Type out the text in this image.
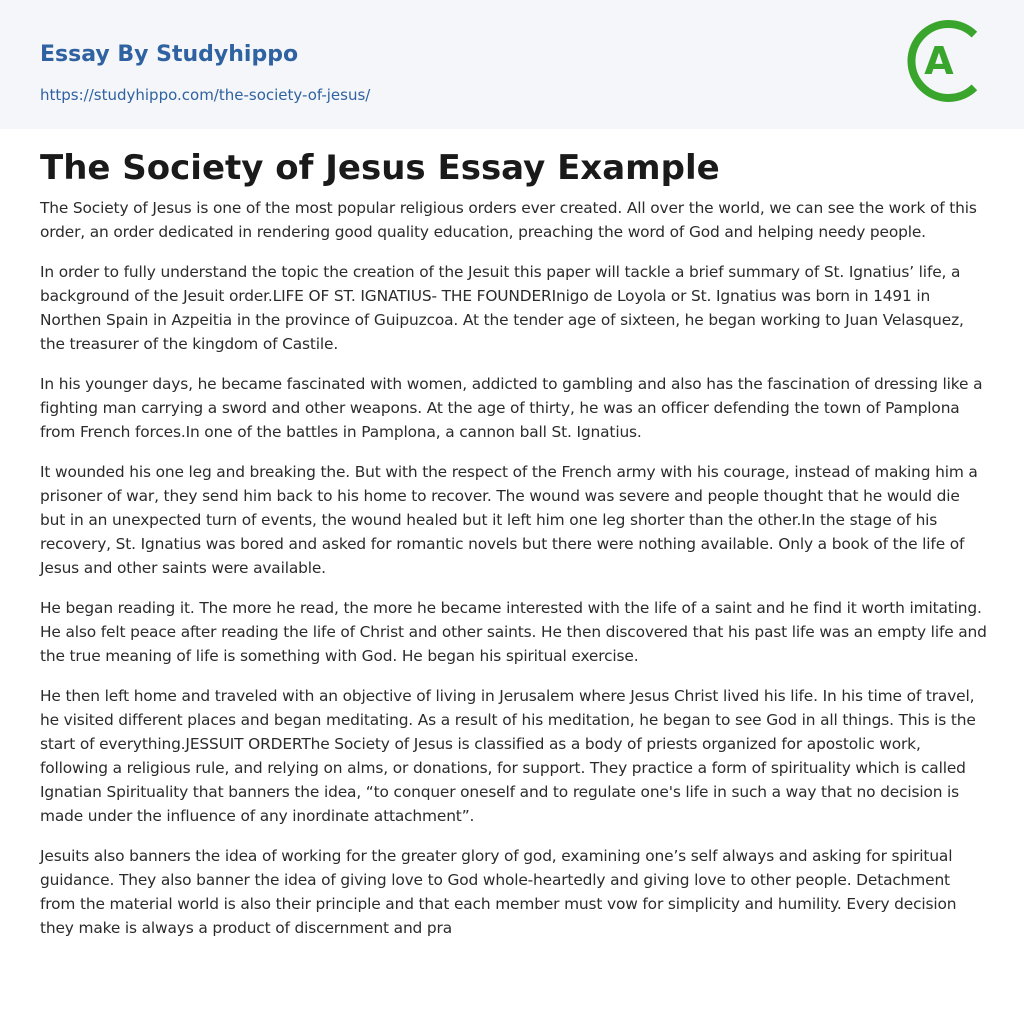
Essay By Studyhippo
https://studyhippo.com/the-society-of-jesus/
A
The Society of Jesus Essay Example

The Society of Jesus is one of the most popular religious orders ever created. All over the world, we can see the work of this order, an order dedicated in rendering good quality education, preaching the word of God and helping needy people.

In order to fully understand the topic the creation of the Jesuit this paper will tackle a brief summary of St. Ignatius’ life, a background of the Jesuit order.LIFE OF ST. IGNATIUS- THE FOUNDERInigo de Loyola or St. Ignatius was born in 1491 in Northen Spain in Azpeitia in the province of Guipuzcoa. At the tender age of sixteen, he began working to Juan Velasquez, the treasurer of the kingdom of Castile.

In his younger days, he became fascinated with women, addicted to gambling and also has the fascination of dressing like a fighting man carrying a sword and other weapons. At the age of thirty, he was an officer defending the town of Pamplona from French forces.In one of the battles in Pamplona, a cannon ball St. Ignatius.

It wounded his one leg and breaking the. But with the respect of the French army with his courage, instead of making him a prisoner of war, they send him back to his home to recover. The wound was severe and people thought that he would die but in an unexpected turn of events, the wound healed but it left him one leg shorter than the other.In the stage of his recovery, St. Ignatius was bored and asked for romantic novels but there were nothing available. Only a book of the life of Jesus and other saints were available.

He began reading it. The more he read, the more he became interested with the life of a saint and he find it worth imitating. He also felt peace after reading the life of Christ and other saints. He then discovered that his past life was an empty life and the true meaning of life is something with God. He began his spiritual exercise.

He then left home and traveled with an objective of living in Jerusalem where Jesus Christ lived his life. In his time of travel, he visited different places and began meditating. As a result of his meditation, he began to see God in all things. This is the start of everything.JESSUIT ORDERThe Society of Jesus is classified as a body of priests organized for apostolic work, following a religious rule, and relying on alms, or donations, for support. They practice a form of spirituality which is called Ignatian Spirituality that banners the idea, “to conquer oneself and to regulate one's life in such a way that no decision is made under the influence of any inordinate attachment”.

Jesuits also banners the idea of working for the greater glory of god, examining one’s self always and asking for spiritual guidance. They also banner the idea of giving love to God whole-heartedly and giving love to other people. Detachment from the material world is also their principle and that each member must vow for simplicity and humility. Every decision they make is always a product of discernment and pra
